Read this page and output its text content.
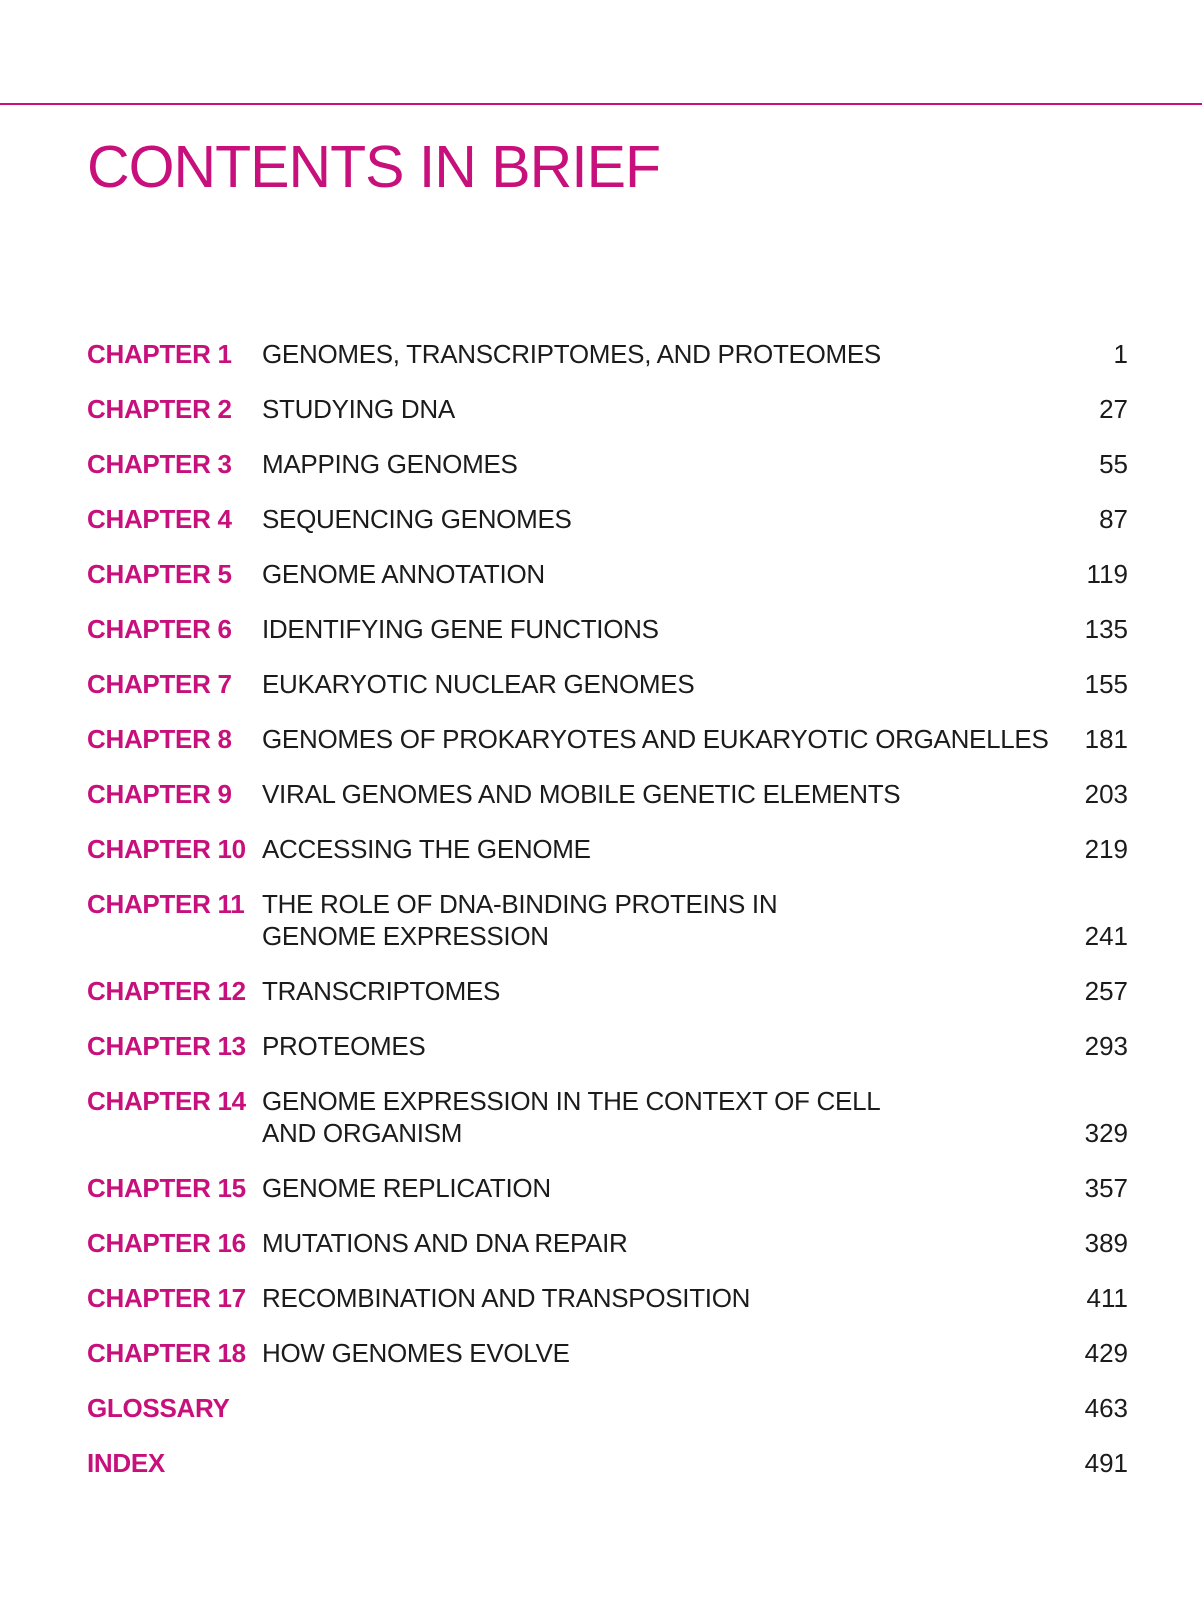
CONTENTS IN BRIEF
CHAPTER 1	GENOMES, TRANSCRIPTOMES, AND PROTEOMES	1
CHAPTER 2	STUDYING DNA	27
CHAPTER 3	MAPPING GENOMES	55
CHAPTER 4	SEQUENCING GENOMES	87
CHAPTER 5	GENOME ANNOTATION	119
CHAPTER 6	IDENTIFYING GENE FUNCTIONS	135
CHAPTER 7	EUKARYOTIC NUCLEAR GENOMES	155
CHAPTER 8	GENOMES OF PROKARYOTES AND EUKARYOTIC ORGANELLES	181
CHAPTER 9	VIRAL GENOMES AND MOBILE GENETIC ELEMENTS	203
CHAPTER 10 ACCESSING THE GENOME	219
CHAPTER 11 THE ROLE OF DNA-BINDING PROTEINS IN
GENOME EXPRESSION	241
CHAPTER 12 TRANSCRIPTOMES	257
CHAPTER 13 PROTEOMES	293
CHAPTER 14 GENOME EXPRESSION IN THE CONTEXT OF CELL
AND ORGANISM	329
CHAPTER 15 GENOME REPLICATION	357
CHAPTER 16 MUTATIONS AND DNA REPAIR	389
CHAPTER 17 RECOMBINATION AND TRANSPOSITION	411
CHAPTER 18 HOW GENOMES EVOLVE	429
GLOSSARY	463
INDEX	491
